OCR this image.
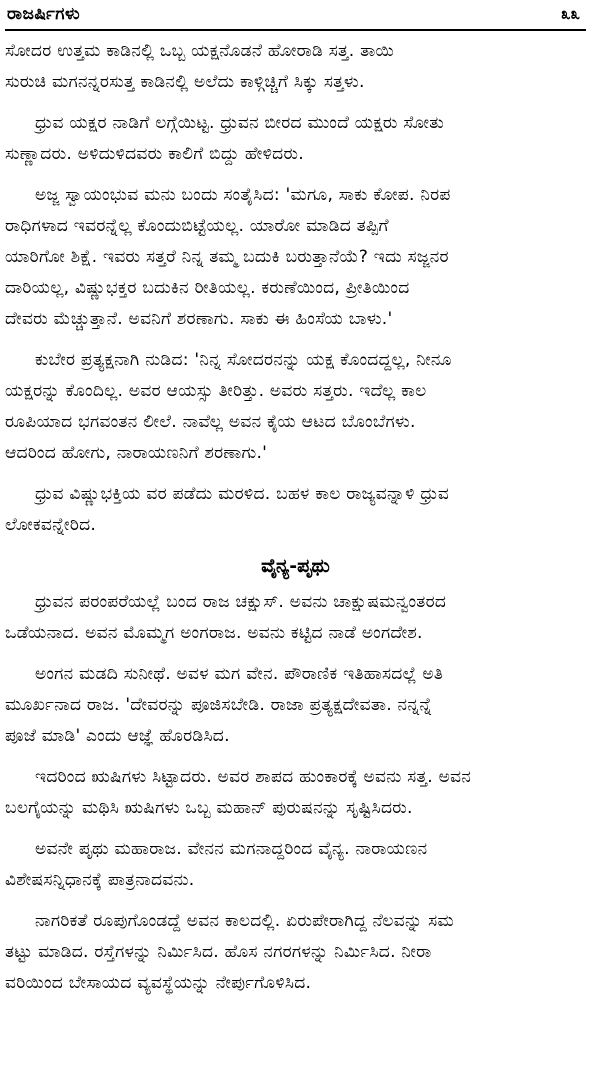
ರಾಜರ್ಷಿಗಳು	೩೩

ಸೋದರ ಉತ್ತಮ ಕಾಡಿನಲ್ಲಿ ಒಬ್ಬ ಯಕ್ಷನೊಡನೆ ಹೋರಾಡಿ ಸತ್ತ. ತಾಯಿ
ಸುರುಚಿ ಮಗನನ್ನರಸುತ್ತ ಕಾಡಿನಲ್ಲಿ ಅಲೆದು ಕಾಳ್ಗಿಚ್ಚಿಗೆ ಸಿಕ್ಕು ಸತ್ತಳು.

ಧ್ರುವ ಯಕ್ಷರ ನಾಡಿಗೆ ಲಗ್ಗೆಯಿಟ್ಟ. ಧ್ರುವನ ಬೀರದ ಮುಂದೆ ಯಕ್ಷರು ಸೋತು
ಸುಣ್ಣಾದರು. ಅಳಿದುಳಿದವರು ಕಾಲಿಗೆ ಬಿದ್ದು ಹೇಳಿದರು.

ಅಜ್ಜ ಸ್ವಾಯಂಭುವ ಮನು ಬಂದು ಸಂತೈಸಿದ: 'ಮಗೂ, ಸಾಕು ಕೋಪ. ನಿರಪ
ರಾಧಿಗಳಾದ ಇವರನ್ನೆಲ್ಲ ಕೊಂದುಬಿಟ್ಟೆಯಲ್ಲ. ಯಾರೋ ಮಾಡಿದ ತಪ್ಪಿಗೆ
ಯಾರಿಗೋ ಶಿಕ್ಷೆ. ಇವರು ಸತ್ತರೆ ನಿನ್ನ ತಮ್ಮ ಬದುಕಿ ಬರುತ್ತಾನೆಯೆ? ಇದು ಸಜ್ಜನರ
ದಾರಿಯಲ್ಲ, ವಿಷ್ಣುಭಕ್ತರ ಬದುಕಿನ ರೀತಿಯಲ್ಲ. ಕರುಣೆಯಿಂದ, ಪ್ರೀತಿಯಿಂದ
ದೇವರು ಮೆಚ್ಚುತ್ತಾನೆ. ಅವನಿಗೆ ಶರಣಾಗು. ಸಾಕು ಈ ಹಿಂಸೆಯ ಬಾಳು.'

ಕುಬೇರ ಪ್ರತ್ಯಕ್ಷನಾಗಿ ನುಡಿದ: 'ನಿನ್ನ ಸೋದರನನ್ನು ಯಕ್ಷ ಕೊಂದದ್ದಲ್ಲ, ನೀನೂ
ಯಕ್ಷರನ್ನು ಕೊಂದಿಲ್ಲ. ಅವರ ಆಯಸ್ಸು ತೀರಿತ್ತು. ಅವರು ಸತ್ತರು. ಇದೆಲ್ಲ ಕಾಲ
ರೂಪಿಯಾದ ಭಗವಂತನ ಲೀಲೆ. ನಾವೆಲ್ಲ ಅವನ ಕೈಯ ಆಟದ ಬೊಂಬೆಗಳು.
ಆದರಿಂದ ಹೋಗು, ನಾರಾಯಣನಿಗೆ ಶರಣಾಗು.'

ಧ್ರುವ ವಿಷ್ಣುಭಕ್ತಿಯ ವರ ಪಡೆದು ಮರಳಿದ. ಬಹಳ ಕಾಲ ರಾಜ್ಯವನ್ನಾಳಿ ಧ್ರುವ
ಲೋಕವನ್ನೇರಿದ.

ವೈನ್ಯ-ಪೃಥು

ಧ್ರುವನ ಪರಂಪರೆಯಲ್ಲೆ ಬಂದ ರಾಜ ಚಕ್ಷುಸ್. ಅವನು ಚಾಕ್ಷುಷಮನ್ವಂತರದ
ಒಡೆಯನಾದ. ಅವನ ಮೊಮ್ಮಗ ಅಂಗರಾಜ. ಅವನು ಕಟ್ಟಿದ ನಾಡೆ ಅಂಗದೇಶ.

ಅಂಗನ ಮಡದಿ ಸುನೀಥೆ. ಅವಳ ಮಗ ವೇನ. ಪೌರಾಣಿಕ ಇತಿಹಾಸದಲ್ಲೆ ಅತಿ
ಮೂರ್ಖನಾದ ರಾಜ. 'ದೇವರನ್ನು ಪೂಜಿಸಬೇಡಿ. ರಾಜಾ ಪ್ರತ್ಯಕ್ಷದೇವತಾ. ನನ್ನನ್ನೆ
ಪೂಜೆ ಮಾಡಿ' ಎಂದು ಆಜ್ಞೆ ಹೊರಡಿಸಿದ.

ಇದರಿಂದ ಋಷಿಗಳು ಸಿಟ್ಟಾದರು. ಅವರ ಶಾಪದ ಹುಂಕಾರಕ್ಕೆ ಅವನು ಸತ್ತ. ಅವನ
ಬಲಗೈಯನ್ನು ಮಥಿಸಿ ಋಷಿಗಳು ಒಬ್ಬ ಮಹಾನ್ ಪುರುಷನನ್ನು ಸೃಷ್ಟಿಸಿದರು.

ಅವನೇ ಪೃಥು ಮಹಾರಾಜ. ವೇನನ ಮಗನಾದ್ದರಿಂದ ವೈನ್ಯ. ನಾರಾಯಣನ
ವಿಶೇಷಸನ್ನಿಧಾನಕ್ಕೆ ಪಾತ್ರನಾದವನು.

ನಾಗರಿಕತೆ ರೂಪುಗೊಂಡದ್ದೆ ಅವನ ಕಾಲದಲ್ಲಿ. ಏರುಪೇರಾಗಿದ್ದ ನೆಲವನ್ನು ಸಮ
ತಟ್ಟು ಮಾಡಿದ. ರಸ್ತೆಗಳನ್ನು ನಿರ್ಮಿಸಿದ. ಹೊಸ ನಗರಗಳನ್ನು ನಿರ್ಮಿಸಿದ. ನೀರಾ
ವರಿಯಿಂದ ಬೇಸಾಯದ ವ್ಯವಸ್ಥೆಯನ್ನು ನೇರ್ಪುಗೊಳಿಸಿದ.
